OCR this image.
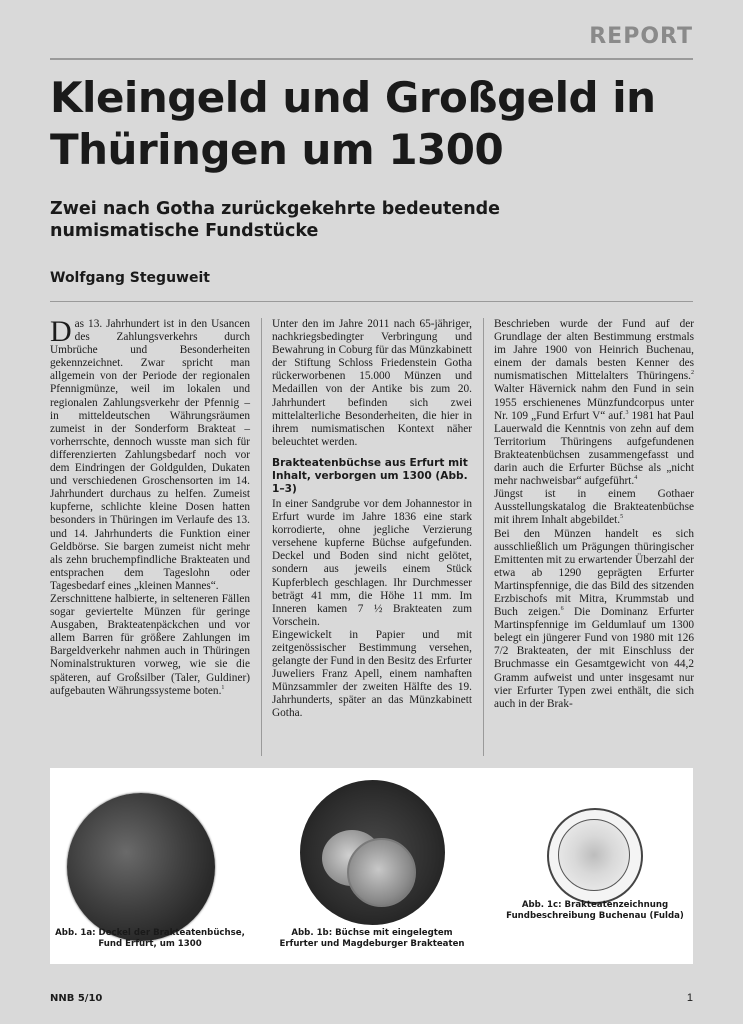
REPORT
Kleingeld und Großgeld in Thüringen um 1300
Zwei nach Gotha zurückgekehrte bedeutende numismatische Fundstücke
Wolfgang Steguweit

Das 13. Jahrhundert ist in den Usancen des Zahlungsverkehrs durch Umbrüche und Besonderheiten gekennzeichnet. Zwar spricht man allgemein von der Periode der regionalen Pfennigmünze, weil im lokalen und regionalen Zahlungsverkehr der Pfennig – in mitteldeutschen Währungsräumen zumeist in der Sonderform Brakteat – vorherrschte, dennoch wusste man sich für differenzierten Zahlungsbedarf noch vor dem Eindringen der Goldgulden, Dukaten und verschiedenen Groschensorten im 14. Jahrhundert durchaus zu helfen. Zumeist kupferne, schlichte kleine Dosen hatten besonders in Thüringen im Verlaufe des 13. und 14. Jahrhunderts die Funktion einer Geldbörse. Sie bargen zumeist nicht mehr als zehn bruchempfindliche Brakteaten und entsprachen dem Tageslohn oder Tagesbedarf eines „kleinen Mannes“.

Zerschnittene halbierte, in selteneren Fällen sogar geviertelte Münzen für geringe Ausgaben, Brakteatenpäckchen und vor allem Barren für größere Zahlungen im Bargeldverkehr nahmen auch in Thüringen Nominalstrukturen vorweg, wie sie die späteren, auf Großsilber (Taler, Guldiner) aufgebauten Währungssysteme boten.$^1$

Unter den im Jahre 2011 nach 65-jähriger, nachkriegsbedingter Verbringung und Bewahrung in Coburg für das Münzkabinett der Stiftung Schloss Friedenstein Gotha rückerworbenen 15.000 Münzen und Medaillen von der Antike bis zum 20. Jahrhundert befinden sich zwei mittelalterliche Besonderheiten, die hier in ihrem numismatischen Kontext näher beleuchtet werden.

Brakteatenbüchse aus Erfurt mit Inhalt, verborgen um 1300 (Abb. 1–3)

In einer Sandgrube vor dem Johannestor in Erfurt wurde im Jahre 1836 eine stark korrodierte, ohne jegliche Verzierung versehene kupferne Büchse aufgefunden. Deckel und Boden sind nicht gelötet, sondern aus jeweils einem Stück Kupferblech geschlagen. Ihr Durchmesser beträgt 41 mm, die Höhe 11 mm. Im Inneren kamen 7 ½ Brakteaten zum Vorschein.

Eingewickelt in Papier und mit zeitgenössischer Bestimmung versehen, gelangte der Fund in den Besitz des Erfurter Juweliers Franz Apell, einem namhaften Münzsammler der zweiten Hälfte des 19. Jahrhunderts, später an das Münzkabinett Gotha.

Beschrieben wurde der Fund auf der Grundlage der alten Bestimmung erstmals im Jahre 1900 von Heinrich Buchenau, einem der damals besten Kenner des numismatischen Mittelalters Thüringens.$^2$ Walter Hävernick nahm den Fund in sein 1955 erschienenes Münzfundcorpus unter Nr. 109 „Fund Erfurt V“ auf.$^3$ 1981 hat Paul Lauerwald die Kenntnis von zehn auf dem Territorium Thüringens aufgefundenen Brakteatenbüchsen zusammengefasst und darin auch die Erfurter Büchse als „nicht mehr nachweisbar“ aufgeführt.$^4$

Jüngst ist in einem Gothaer Ausstellungskatalog die Brakteatenbüchse mit ihrem Inhalt abgebildet.$^5$

Bei den Münzen handelt es sich ausschließlich um Prägungen thüringischer Emittenten mit zu erwartender Überzahl der etwa ab 1290 geprägten Erfurter Martinspfennige, die das Bild des sitzenden Erzbischofs mit Mitra, Krummstab und Buch zeigen.$^6$ Die Dominanz Erfurter Martinspfennige im Geldumlauf um 1300 belegt ein jüngerer Fund von 1980 mit 126 7/2 Brakteaten, der mit Einschluss der Bruchmasse ein Gesamtgewicht von 44,2 Gramm aufweist und unter insgesamt nur vier Erfurter Typen zwei enthält, die sich auch in der Brak-

Abb. 1a: Deckel der Brakteatenbüchse, Fund Erfurt, um 1300
Abb. 1b: Büchse mit eingelegtem Erfurter und Magdeburger Brakteaten
Abb. 1c: Brakteatenzeichnung Fundbeschreibung Buchenau (Fulda)
NNB 5/10	1
